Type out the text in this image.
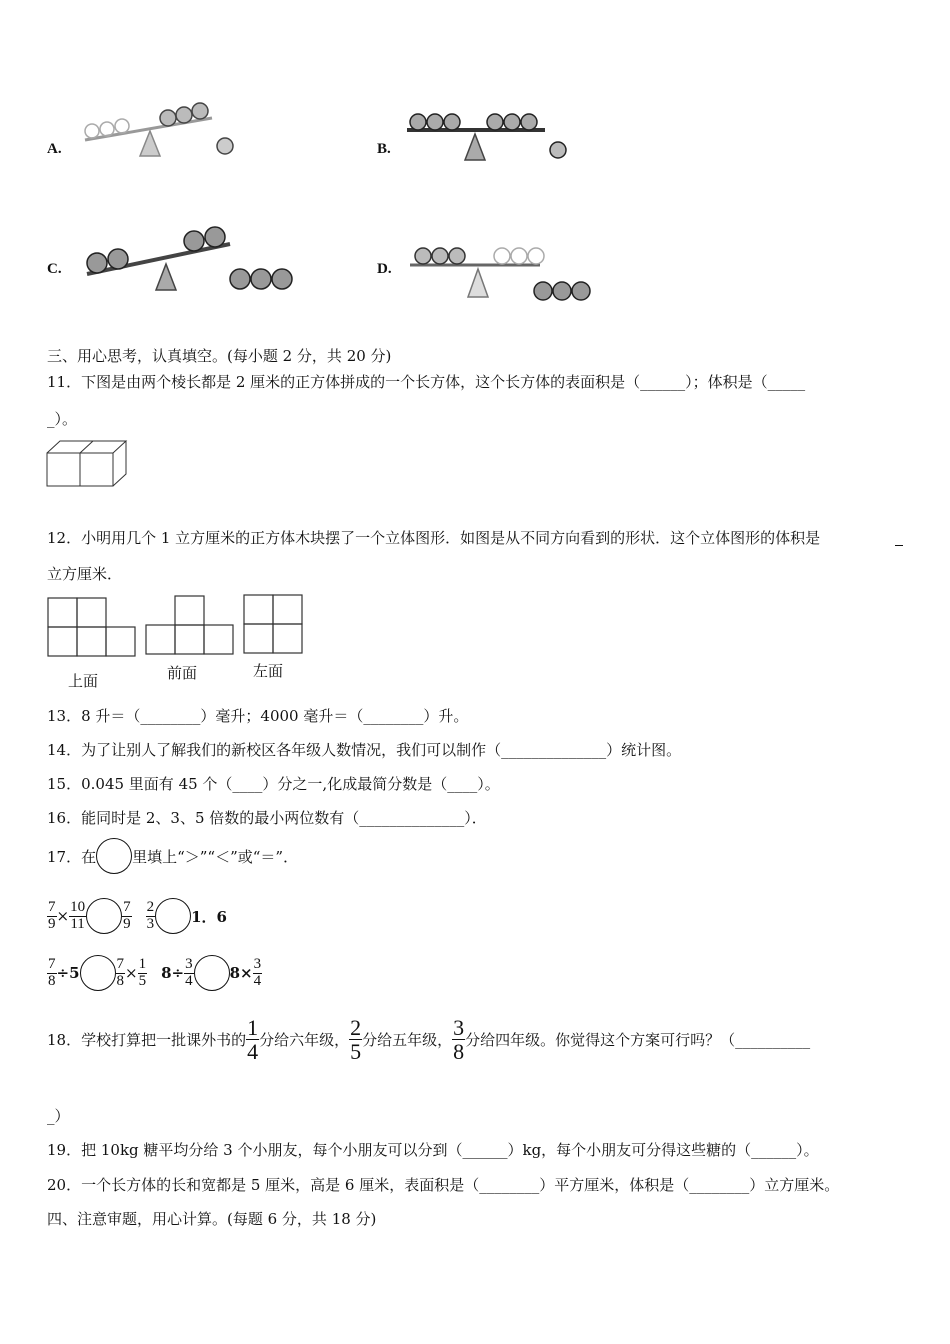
A.	B.
C.	D.
三、用心思考，认真填空。(每小题 2 分，共 20 分)
11．下图是由两个棱长都是 2 厘米的正方体拼成的一个长方体，这个长方体的表面积是（______）；体积是（_____
_）。
12．小明用几个 1 立方厘米的正方体木块摆了一个立体图形．如图是从不同方向看到的形状．这个立体图形的体积是
立方厘米．
上面	前面	左面
13．8 升＝（________）毫升；4000 毫升＝（________）升。
14．为了让别人了解我们的新校区各年级人数情况，我们可以制作（______________）统计图。
15．0.045 里面有 45 个（____）分之一,化成最简分数是（____）。
16．能同时是 2、3、5 倍数的最小两位数有（______________）．
17．在 里填上“＞”“＜”或“＝”．
$\frac{7}{9} \times \frac{10}{11} \frac{7}{9} \frac{2}{3} 1$．6
$\frac{7}{8} \div 5 \frac{7}{8} \times \frac{1}{5} 8\div \frac{3}{4} 8\times \frac{3}{4}$
18．学校打算把一批课外书的 $\frac{1}{4}$ 分给六年级， $\frac{2}{5}$ 分给五年级， $\frac{3}{8}$ 分给四年级。你觉得这个方案可行吗？（__________
_）
19．把 10kg 糖平均分给 3 个小朋友，每个小朋友可以分到（______）kg，每个小朋友可分得这些糖的（______）。
20．一个长方体的长和宽都是 5 厘米，高是 6 厘米，表面积是（________）平方厘米，体积是（________）立方厘米。
四、注意审题，用心计算。(每题 6 分，共 18 分)
